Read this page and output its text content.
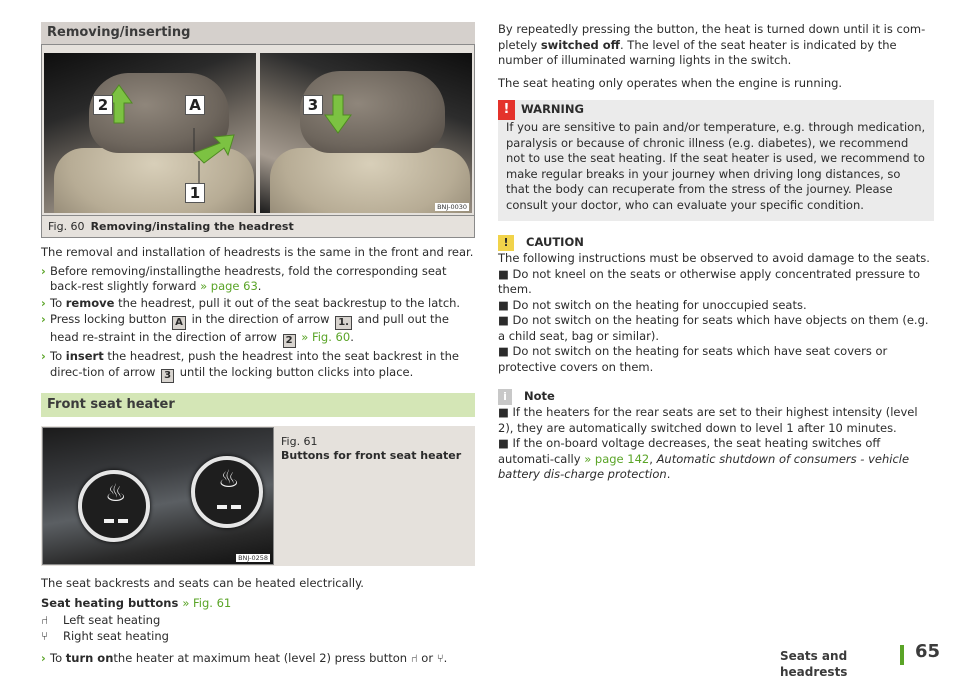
Removing/inserting
2	A
1
3
BNJ-0030
Fig. 60 Removing/instaling the headrest

The removal and installation of headrests is the same in the front and rear.

› Before removing/installingthe headrests, fold the corresponding seat back-rest slightly forward » page 63.
› To remove the headrest, pull it out of the seat backrestup to the latch.
› Press locking button A in the direction of arrow 1. and pull out the head re-straint in the direction of arrow 2 » Fig. 60.
› To insert the headrest, push the headrest into the seat backrest in the direc-tion of arrow 3 until the locking button clicks into place.
Front seat heater
♨	♨
BNJ-0258
Fig. 61
Buttons for front seat heater

The seat backrests and seats can be heated electrically.

Seat heating buttons » Fig. 61
⑁	Left seat heating
⑂	Right seat heating
› To turn onthe heater at maximum heat (level 2) press button ⑁ or ⑂.

By repeatedly pressing the button, the heat is turned down until it is com-pletely switched off. The level of the seat heater is indicated by the number of illuminated warning lights in the switch.

The seat heating only operates when the engine is running.

!	WARNING

If you are sensitive to pain and/or temperature, e.g. through medication, paralysis or because of chronic illness (e.g. diabetes), we recommend not to use the seat heating. If the seat heater is used, we recommend to make regular breaks in your journey when driving long distances, so that the body can recuperate from the stress of the journey. Please consult your doctor, who can evaluate your specific condition.

!	CAUTION

The following instructions must be observed to avoid damage to the seats.

■ Do not kneel on the seats or otherwise apply concentrated pressure to them.

■ Do not switch on the heating for unoccupied seats.

■ Do not switch on the heating for seats which have objects on them (e.g. a child seat, bag or similar).

■ Do not switch on the heating for seats which have seat covers or protective covers on them.

i	Note

■ If the heaters for the rear seats are set to their highest intensity (level 2), they are automatically switched down to level 1 after 10 minutes.

■ If the on-board voltage decreases, the seat heating switches off automati-cally » page 142, Automatic shutdown of consumers - vehicle battery dis-charge protection.

Seats and headrests
65
